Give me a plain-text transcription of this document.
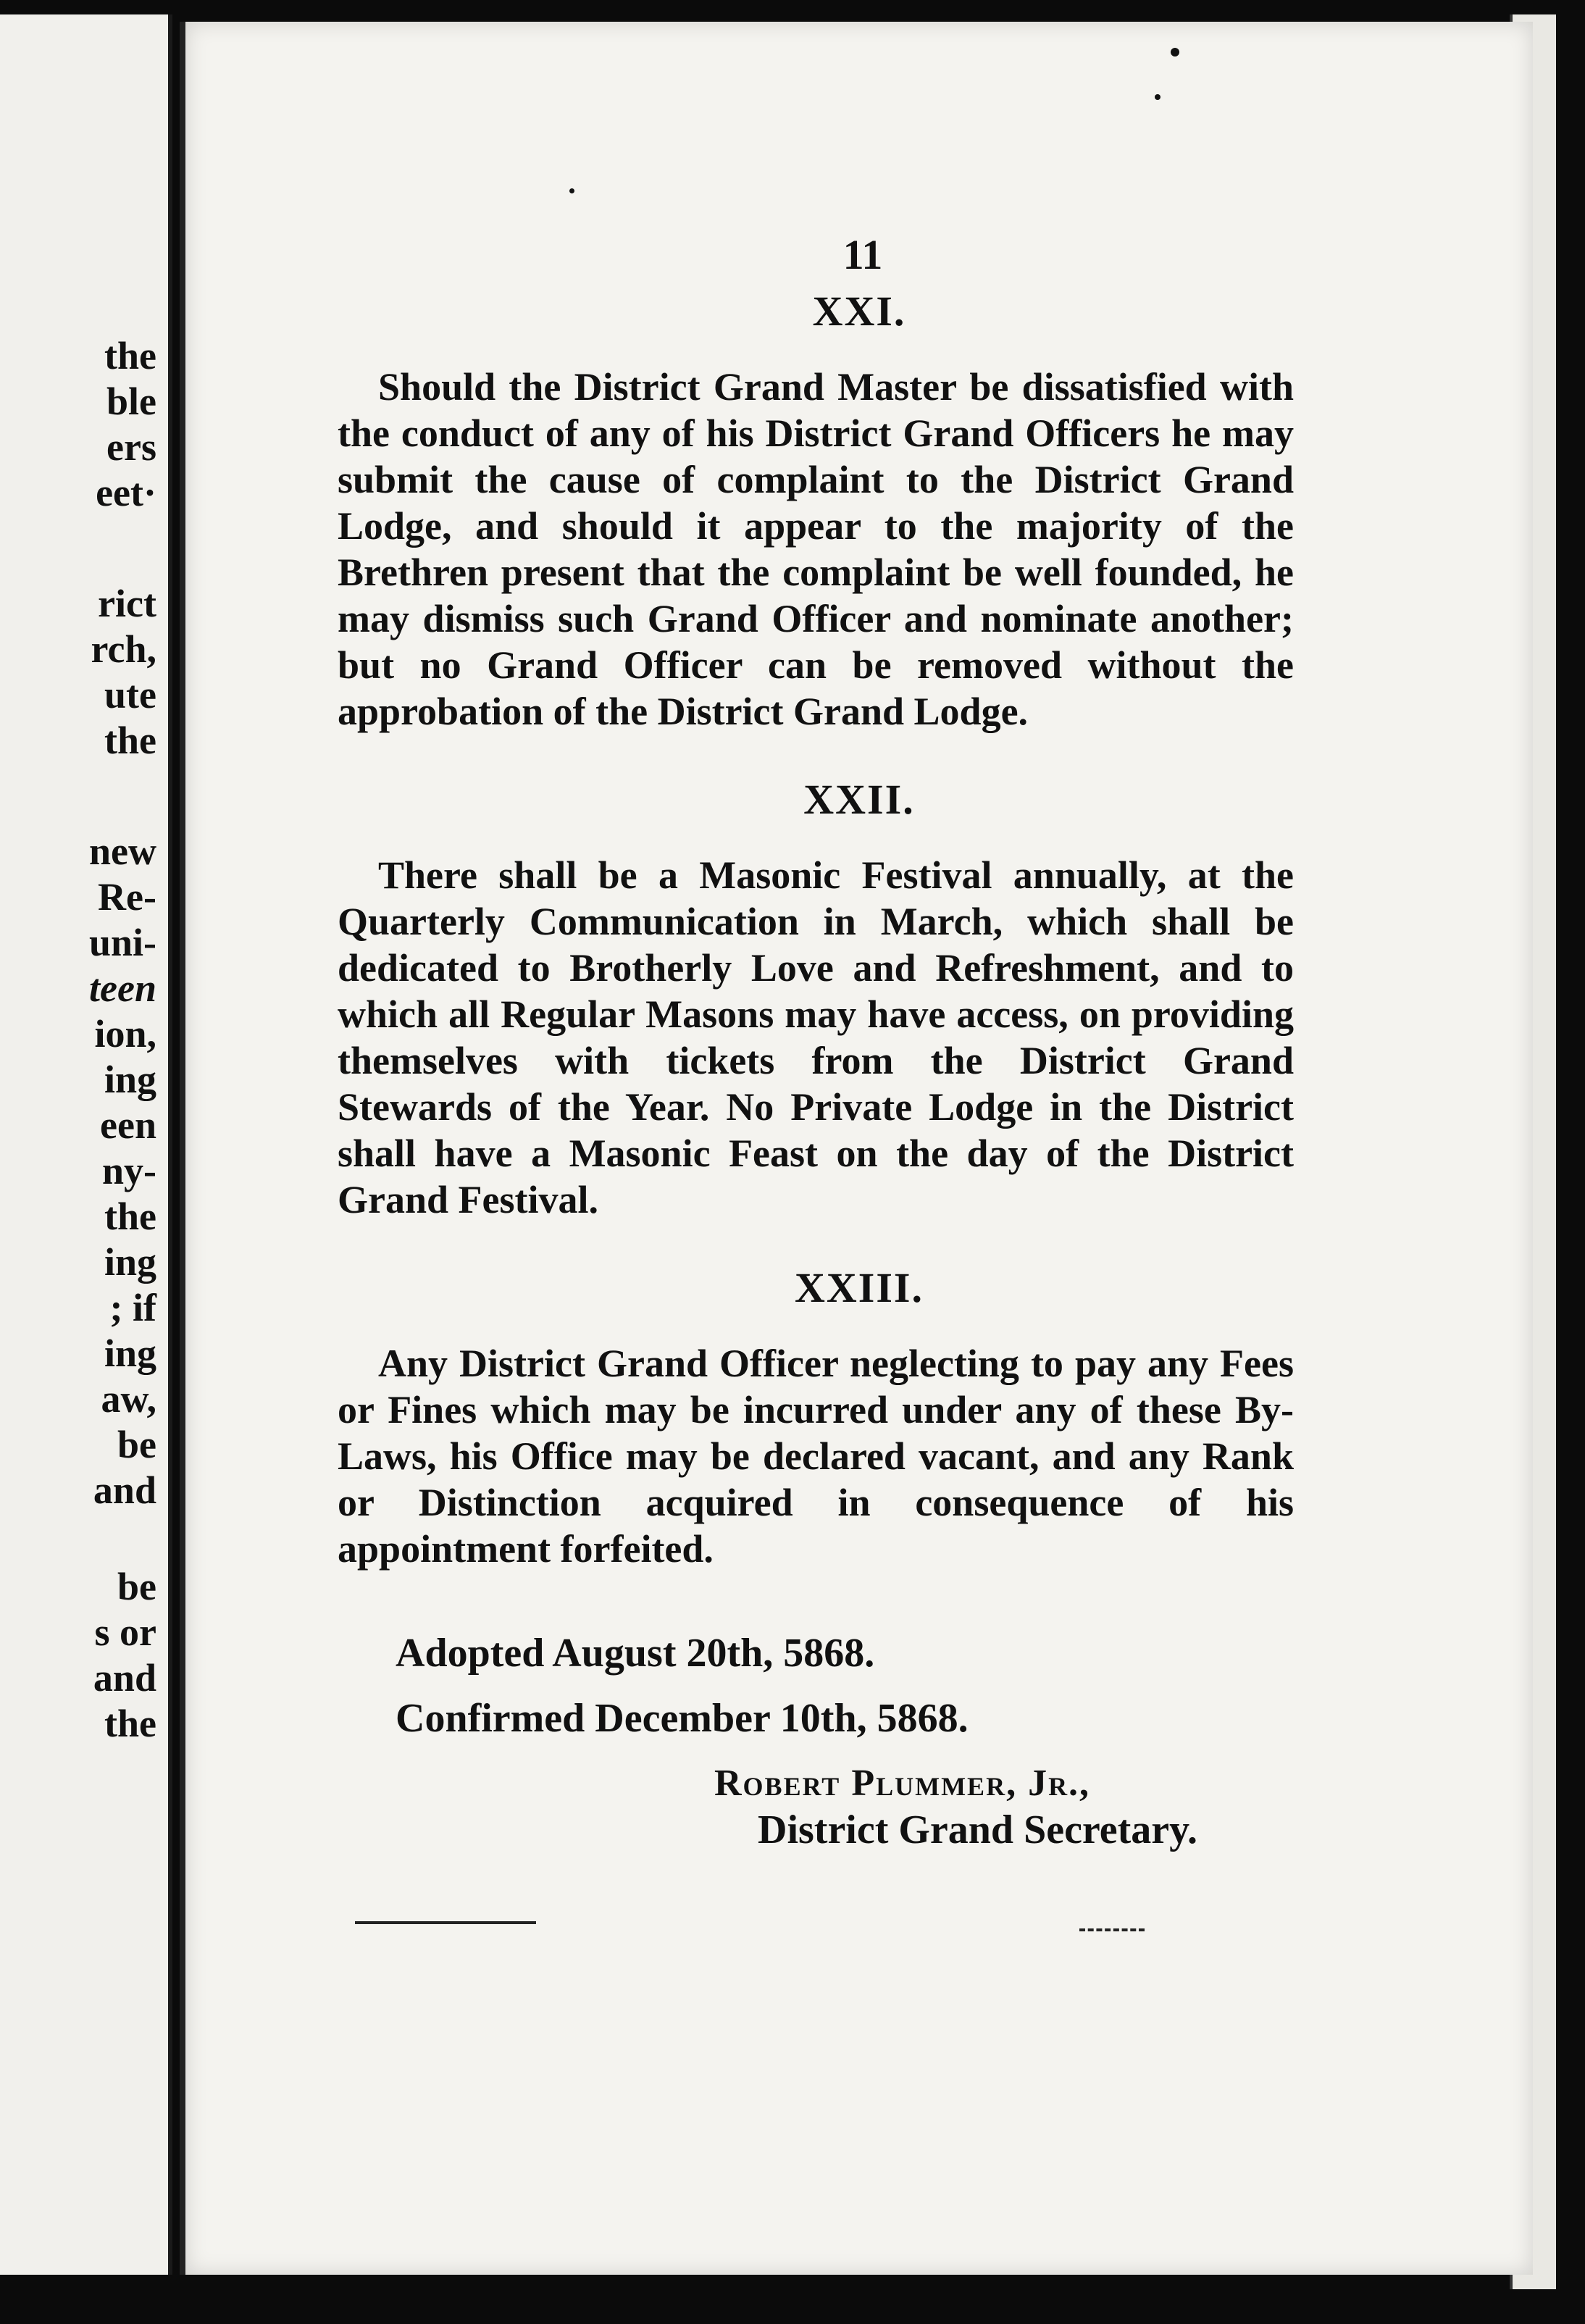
the
ble
ers
eet·
rict
rch,
ute
the
new
Re-
uni-
teen
ion,
ing
een
ny-
the
ing
; if
ing
aw,
be
and
be
s or
and
the
11
XXI.

Should the District Grand Master be dissatisfied with the conduct of any of his District Grand Officers he may submit the cause of complaint to the District Grand Lodge, and should it appear to the majority of the Brethren present that the complaint be well founded, he may dismiss such Grand Officer and nominate another; but no Grand Officer can be removed without the approbation of the District Grand Lodge.

XXII.

There shall be a Masonic Festival annually, at the Quarterly Communication in March, which shall be dedicated to Brotherly Love and Refreshment, and to which all Regular Masons may have access, on providing themselves with tickets from the District Grand Stewards of the Year. No Private Lodge in the District shall have a Masonic Feast on the day of the District Grand Festival.

XXIII.

Any District Grand Officer neglecting to pay any Fees or Fines which may be incurred under any of these By-Laws, his Office may be declared vacant, and any Rank or Distinction acquired in consequence of his appointment forfeited.

Adopted August 20th, 5868.
Confirmed December 10th, 5868.
Robert Plummer, Jr.,
District Grand Secretary.
